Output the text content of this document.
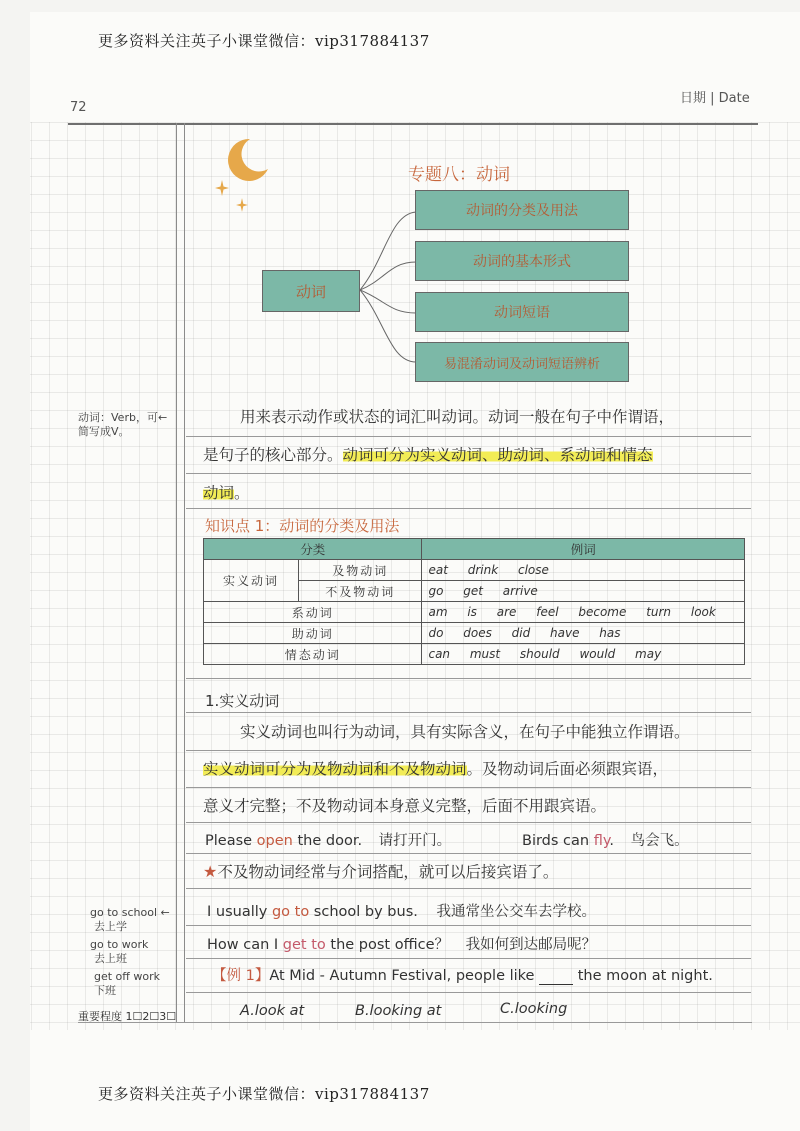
更多资料关注英子小课堂微信：vip317884137
更多资料关注英子小课堂微信：vip317884137
72
日期 | Date
专题八：动词
动词
动词的分类及用法
动词的基本形式
动词短语
易混淆动词及动词短语辨析
动词：Verb，可←
简写成V。
用来表示动作或状态的词汇叫动词。动词一般在句子中作谓语，
是句子的核心部分。动词可分为实义动词、助动词、系动词和情态
动词。
知识点 1：动词的分类及用法
分类		例词
实义动词	及物动词	eat drink close
	不及物动词	go get arrive
系动词		am is are feel become turn look
助动词		do does did have has
情态动词		can must should would may
1.实义动词
实义动词也叫行为动词，具有实际含义，在句子中能独立作谓语。
实义动词可分为及物动词和不及物动词。及物动词后面必须跟宾语，
意义才完整；不及物动词本身意义完整，后面不用跟宾语。
Please open the door. 请打开门。	Birds can fly. 鸟会飞。
★不及物动词经常与介词搭配，就可以后接宾语了。
go to school ←
去上学
go to work
去上班
get off work
下班
I usually go to school by bus. 我通常坐公交车去学校。
How can I get to the post office？ 我如何到达邮局呢？
【例 1】At Mid - Autumn Festival, people like  the moon at night.
A.look at	B.looking at	C.looking
重要程度 1☐2☐3☐
